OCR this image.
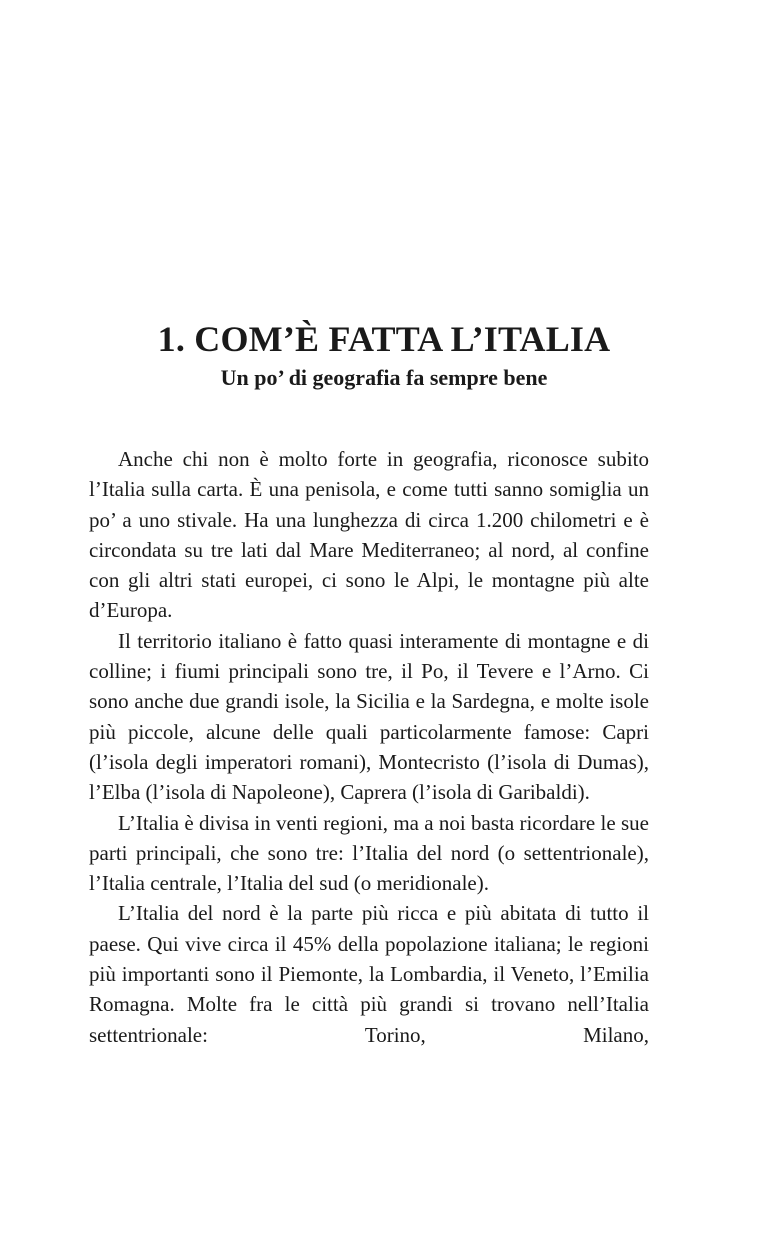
1. COM’È FATTA L’ITALIA
Un po’ di geografia fa sempre bene

Anche chi non è molto forte in geografia, riconosce subito l’Italia sulla carta. È una penisola, e come tutti sanno somiglia un po’ a uno stivale. Ha una lunghezza di circa 1.200 chilometri e è circondata su tre lati dal Mare Mediterraneo; al nord, al confine con gli altri stati europei, ci sono le Alpi, le montagne più alte d’Europa.

Il territorio italiano è fatto quasi interamente di montagne e di colline; i fiumi principali sono tre, il Po, il Tevere e l’Arno. Ci sono anche due grandi isole, la Sicilia e la Sardegna, e molte isole più piccole, alcune delle quali particolarmente famose: Capri (l’isola degli imperatori romani), Montecristo (l’isola di Dumas), l’Elba (l’isola di Napoleone), Caprera (l’isola di Garibaldi).

L’Italia è divisa in venti regioni, ma a noi basta ricordare le sue parti principali, che sono tre: l’Italia del nord (o settentrionale), l’Italia centrale, l’Italia del sud (o meridionale).

L’Italia del nord è la parte più ricca e più abitata di tutto il paese. Qui vive circa il 45% della popolazione italiana; le regioni più importanti sono il Piemonte, la Lombardia, il Veneto, l’Emilia Romagna. Molte fra le città più grandi si trovano nell’Italia settentrionale: Torino, Milano,
